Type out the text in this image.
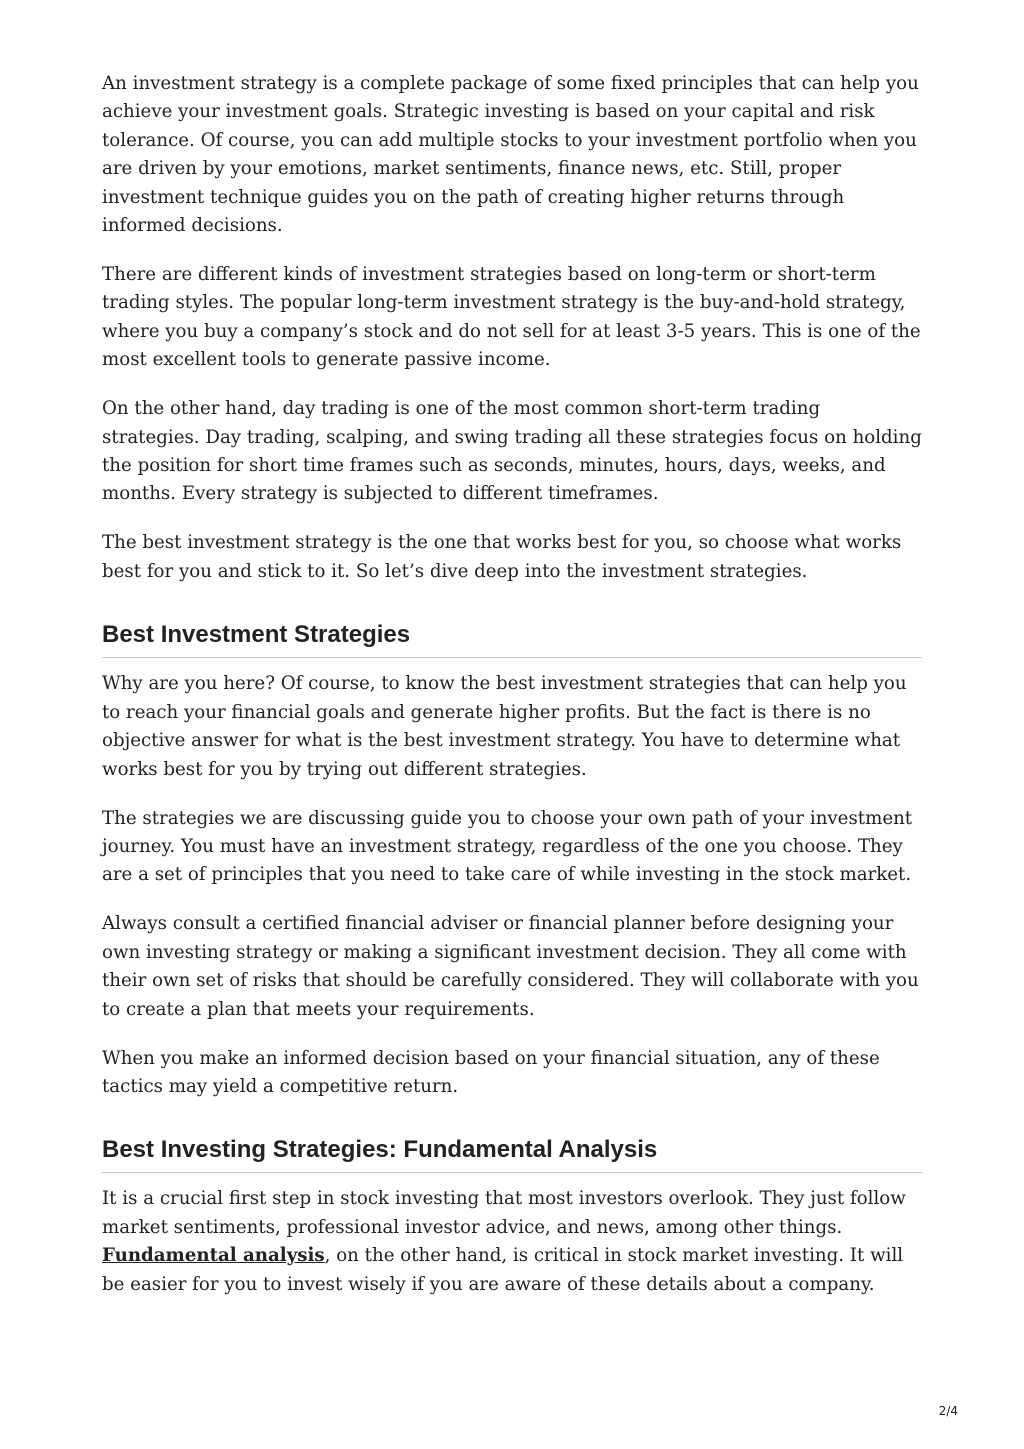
An investment strategy is a complete package of some fixed principles that can help you achieve your investment goals. Strategic investing is based on your capital and risk tolerance. Of course, you can add multiple stocks to your investment portfolio when you are driven by your emotions, market sentiments, finance news, etc. Still, proper investment technique guides you on the path of creating higher returns through informed decisions.

There are different kinds of investment strategies based on long-term or short-term trading styles. The popular long-term investment strategy is the buy-and-hold strategy, where you buy a company’s stock and do not sell for at least 3-5 years. This is one of the most excellent tools to generate passive income.

On the other hand, day trading is one of the most common short-term trading strategies. Day trading, scalping, and swing trading all these strategies focus on holding the position for short time frames such as seconds, minutes, hours, days, weeks, and months. Every strategy is subjected to different timeframes.

The best investment strategy is the one that works best for you, so choose what works best for you and stick to it. So let’s dive deep into the investment strategies.

Best Investment Strategies

Why are you here? Of course, to know the best investment strategies that can help you to reach your financial goals and generate higher profits. But the fact is there is no objective answer for what is the best investment strategy. You have to determine what works best for you by trying out different strategies.

The strategies we are discussing guide you to choose your own path of your investment journey. You must have an investment strategy, regardless of the one you choose. They are a set of principles that you need to take care of while investing in the stock market.

Always consult a certified financial adviser or financial planner before designing your own investing strategy or making a significant investment decision. They all come with their own set of risks that should be carefully considered. They will collaborate with you to create a plan that meets your requirements.

When you make an informed decision based on your financial situation, any of these tactics may yield a competitive return.

Best Investing Strategies: Fundamental Analysis

It is a crucial first step in stock investing that most investors overlook. They just follow market sentiments, professional investor advice, and news, among other things. Fundamental analysis, on the other hand, is critical in stock market investing. It will be easier for you to invest wisely if you are aware of these details about a company.

2/4
